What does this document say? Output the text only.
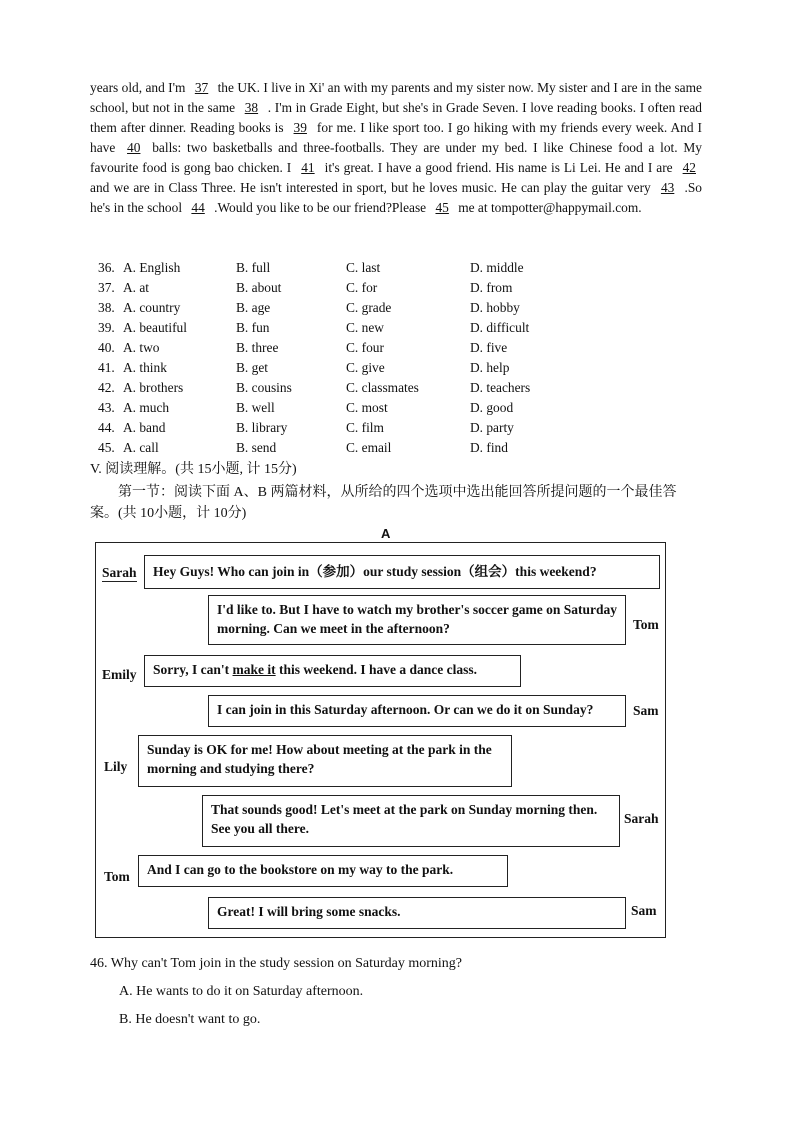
years old, and I'm 37 the UK. I live in Xi' an with my parents and my sister now. My sister and I are in the same school, but not in the same 38 . I'm in Grade Eight, but she's in Grade Seven. I love reading books. I often read them after dinner. Reading books is 39 for me. I like sport too. I go hiking with my friends every week. And I have 40 balls: two basketballs and three-footballs. They are under my bed. I like Chinese food a lot. My favourite food is gong bao chicken. I 41 it's great. I have a good friend. His name is Li Lei. He and I are 42 and we are in Class Three. He isn't interested in sport, but he loves music. He can play the guitar very 43 .So he's in the school 44 .Would you like to be our friend?Please 45 me at tompotter@happymail.com.
36. A. English	B. full	C. last	D. middle
37. A. at	B. about	C. for	D. from
38. A. country	B. age	C. grade	D. hobby
39. A. beautiful	B. fun	C. new	D. difficult
40. A. two	B. three	C. four	D. five
41. A. think	B. get	C. give	D. help
42. A. brothers	B. cousins	C. classmates	D. teachers
43. A. much	B. well	C. most	D. good
44. A. band	B. library	C. film	D. party
45. A. call	B. send	C. email	D. find
V. 阅读理解。(共 15小题, 计 15分)
第一节：阅读下面 A、B 两篇材料，从所给的四个选项中选出能回答所提问题的一个最佳答案。(共 10小题，计 10分)
A
Sarah	Hey Guys! Who can join in（参加）our study session（组会）this weekend?
I'd like to. But I have to watch my brother's soccer game on Saturday morning. Can we meet in the afternoon?	Tom
Emily	Sorry, I can't make it this weekend. I have a dance class.
I can join in this Saturday afternoon. Or can we do it on Sunday?	Sam
Lily
Sunday is OK for me! How about meeting at the park in the morning and studying there?
That sounds good! Let's meet at the park on Sunday morning then. See you all there.
Sarah
Tom	And I can go to the bookstore on my way to the park.
Great! I will bring some snacks.	Sam
46. Why can't Tom join in the study session on Saturday morning?
A. He wants to do it on Saturday afternoon.
B. He doesn't want to go.
